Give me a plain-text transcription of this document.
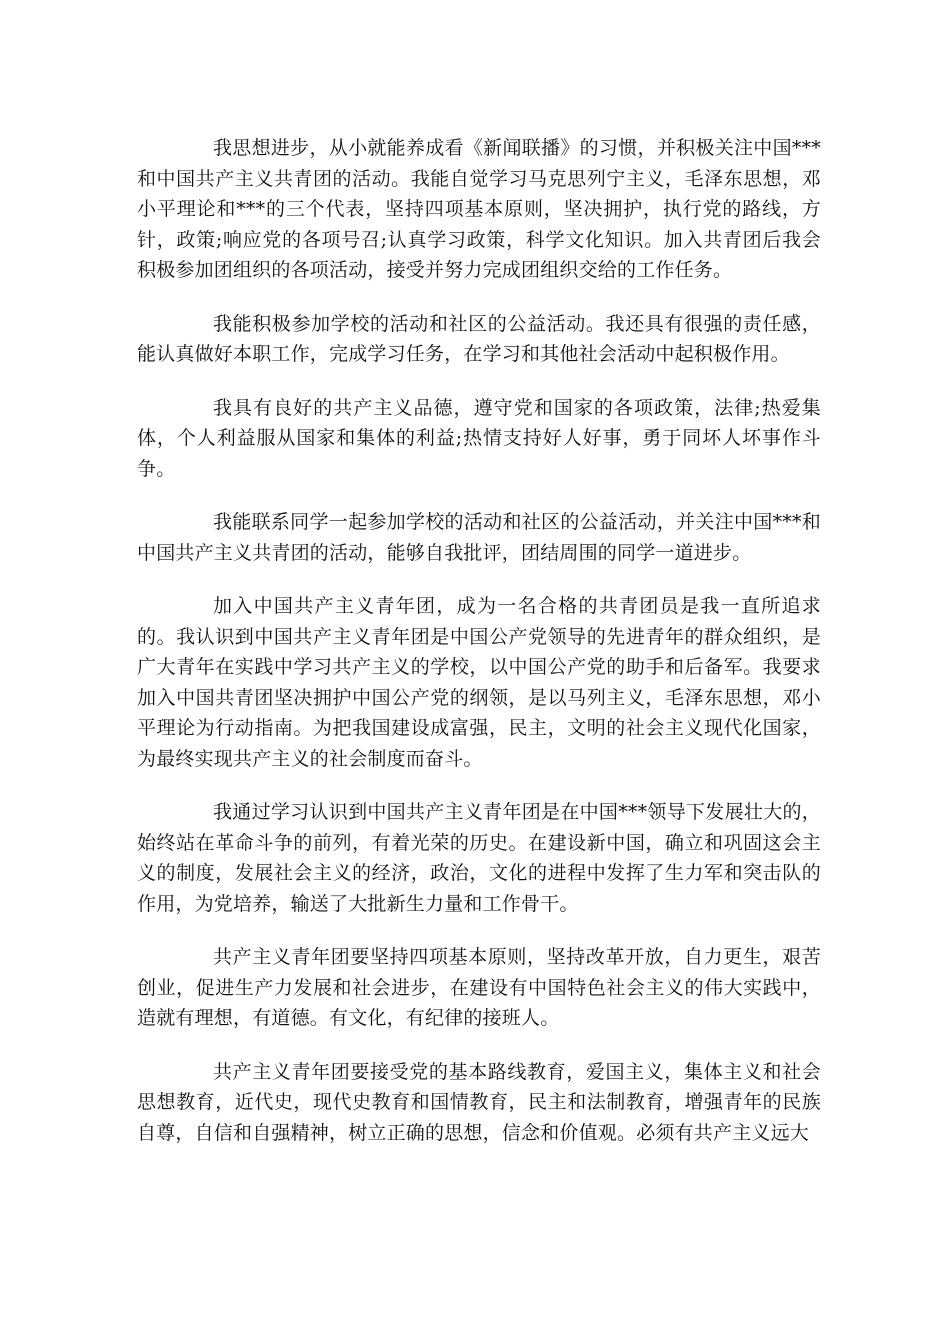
我思想进步，从小就能养成看《新闻联播》的习惯，并积极关注中国***和中国共产主义共青团的活动。我能自觉学习马克思列宁主义，毛泽东思想，邓小平理论和***的三个代表，坚持四项基本原则，坚决拥护，执行党的路线，方针，政策;响应党的各项号召;认真学习政策，科学文化知识。加入共青团后我会积极参加团组织的各项活动，接受并努力完成团组织交给的工作任务。

我能积极参加学校的活动和社区的公益活动。我还具有很强的责任感，能认真做好本职工作，完成学习任务，在学习和其他社会活动中起积极作用。

我具有良好的共产主义品德，遵守党和国家的各项政策，法律;热爱集体，个人利益服从国家和集体的利益;热情支持好人好事，勇于同坏人坏事作斗争。

我能联系同学一起参加学校的活动和社区的公益活动，并关注中国***和中国共产主义共青团的活动，能够自我批评，团结周围的同学一道进步。

加入中国共产主义青年团，成为一名合格的共青团员是我一直所追求的。我认识到中国共产主义青年团是中国公产党领导的先进青年的群众组织，是广大青年在实践中学习共产主义的学校，以中国公产党的助手和后备军。我要求加入中国共青团坚决拥护中国公产党的纲领，是以马列主义，毛泽东思想，邓小平理论为行动指南。为把我国建设成富强，民主，文明的社会主义现代化国家，为最终实现共产主义的社会制度而奋斗。

我通过学习认识到中国共产主义青年团是在中国***领导下发展壮大的，始终站在革命斗争的前列，有着光荣的历史。在建设新中国，确立和巩固这会主义的制度，发展社会主义的经济，政治，文化的进程中发挥了生力军和突击队的作用，为党培养，输送了大批新生力量和工作骨干。

共产主义青年团要坚持四项基本原则，坚持改革开放，自力更生，艰苦创业，促进生产力发展和社会进步，在建设有中国特色社会主义的伟大实践中，造就有理想，有道德。有文化，有纪律的接班人。

共产主义青年团要接受党的基本路线教育，爱国主义，集体主义和社会思想教育，近代史，现代史教育和国情教育，民主和法制教育，增强青年的民族自尊，自信和自强精神，树立正确的思想，信念和价值观。必须有共产主义远大
